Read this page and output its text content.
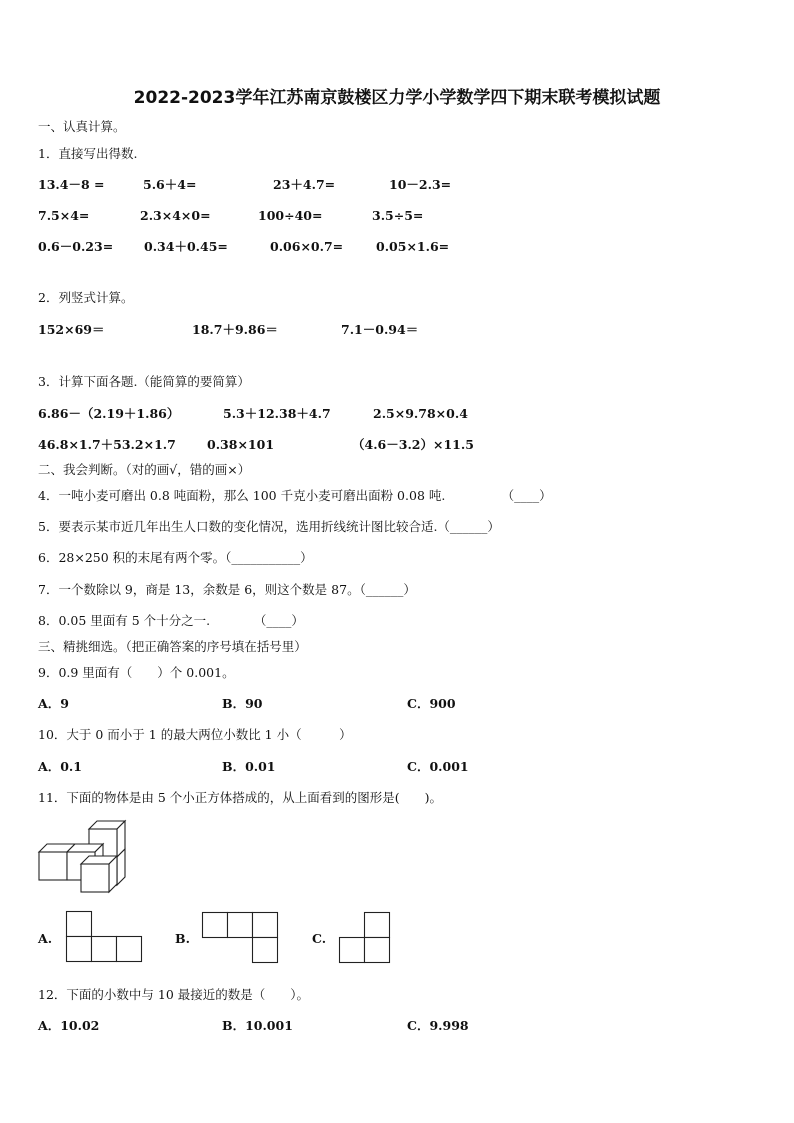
2022-2023学年江苏南京鼓楼区力学小学数学四下期末联考模拟试题
一、认真计算。
1．直接写出得数.
13.4－8 =	5.6＋4=	23＋4.7=	10－2.3=
7.5×4=	2.3×4×0=	100÷40=	3.5÷5=
0.6－0.23= 0.34＋0.45=	0.06×0.7=	0.05×1.6=
2．列竖式计算。
152×69＝	18.7＋9.86＝	7.1－0.94＝
3．计算下面各题.（能简算的要简算）
6.86－（2.19＋1.86）	5.3＋12.38＋4.7	2.5×9.78×0.4
46.8×1.7＋53.2×1.7 0.38×101	（4.6－3.2）×11.5
二、我会判断。（对的画√，错的画×）
4．一吨小麦可磨出 0.8 吨面粉，那么 100 千克小麦可磨出面粉 0.08 吨.　　　　　（____）
5．要表示某市近几年出生人口数的变化情况，选用折线统计图比较合适.（______）
6．28×250 积的末尾有两个零。（___________）
7．一个数除以 9，商是 13，余数是 6，则这个数是 87。（______）
8．0.05 里面有 5 个十分之一.　　　　（____）
三、精挑细选。（把正确答案的序号填在括号里）
9．0.9 里面有（　　）个 0.001。
A．9	B．90	C．900
10．大于 0 而小于 1 的最大两位小数比 1 小（　　　）
A．0.1	B．0.01	C．0.001
11．下面的物体是由 5 个小正方体搭成的，从上面看到的图形是(　　)。
A.	B.	C.
12．下面的小数中与 10 最接近的数是（　　）。
A．10.02	B．10.001	C．9.998
